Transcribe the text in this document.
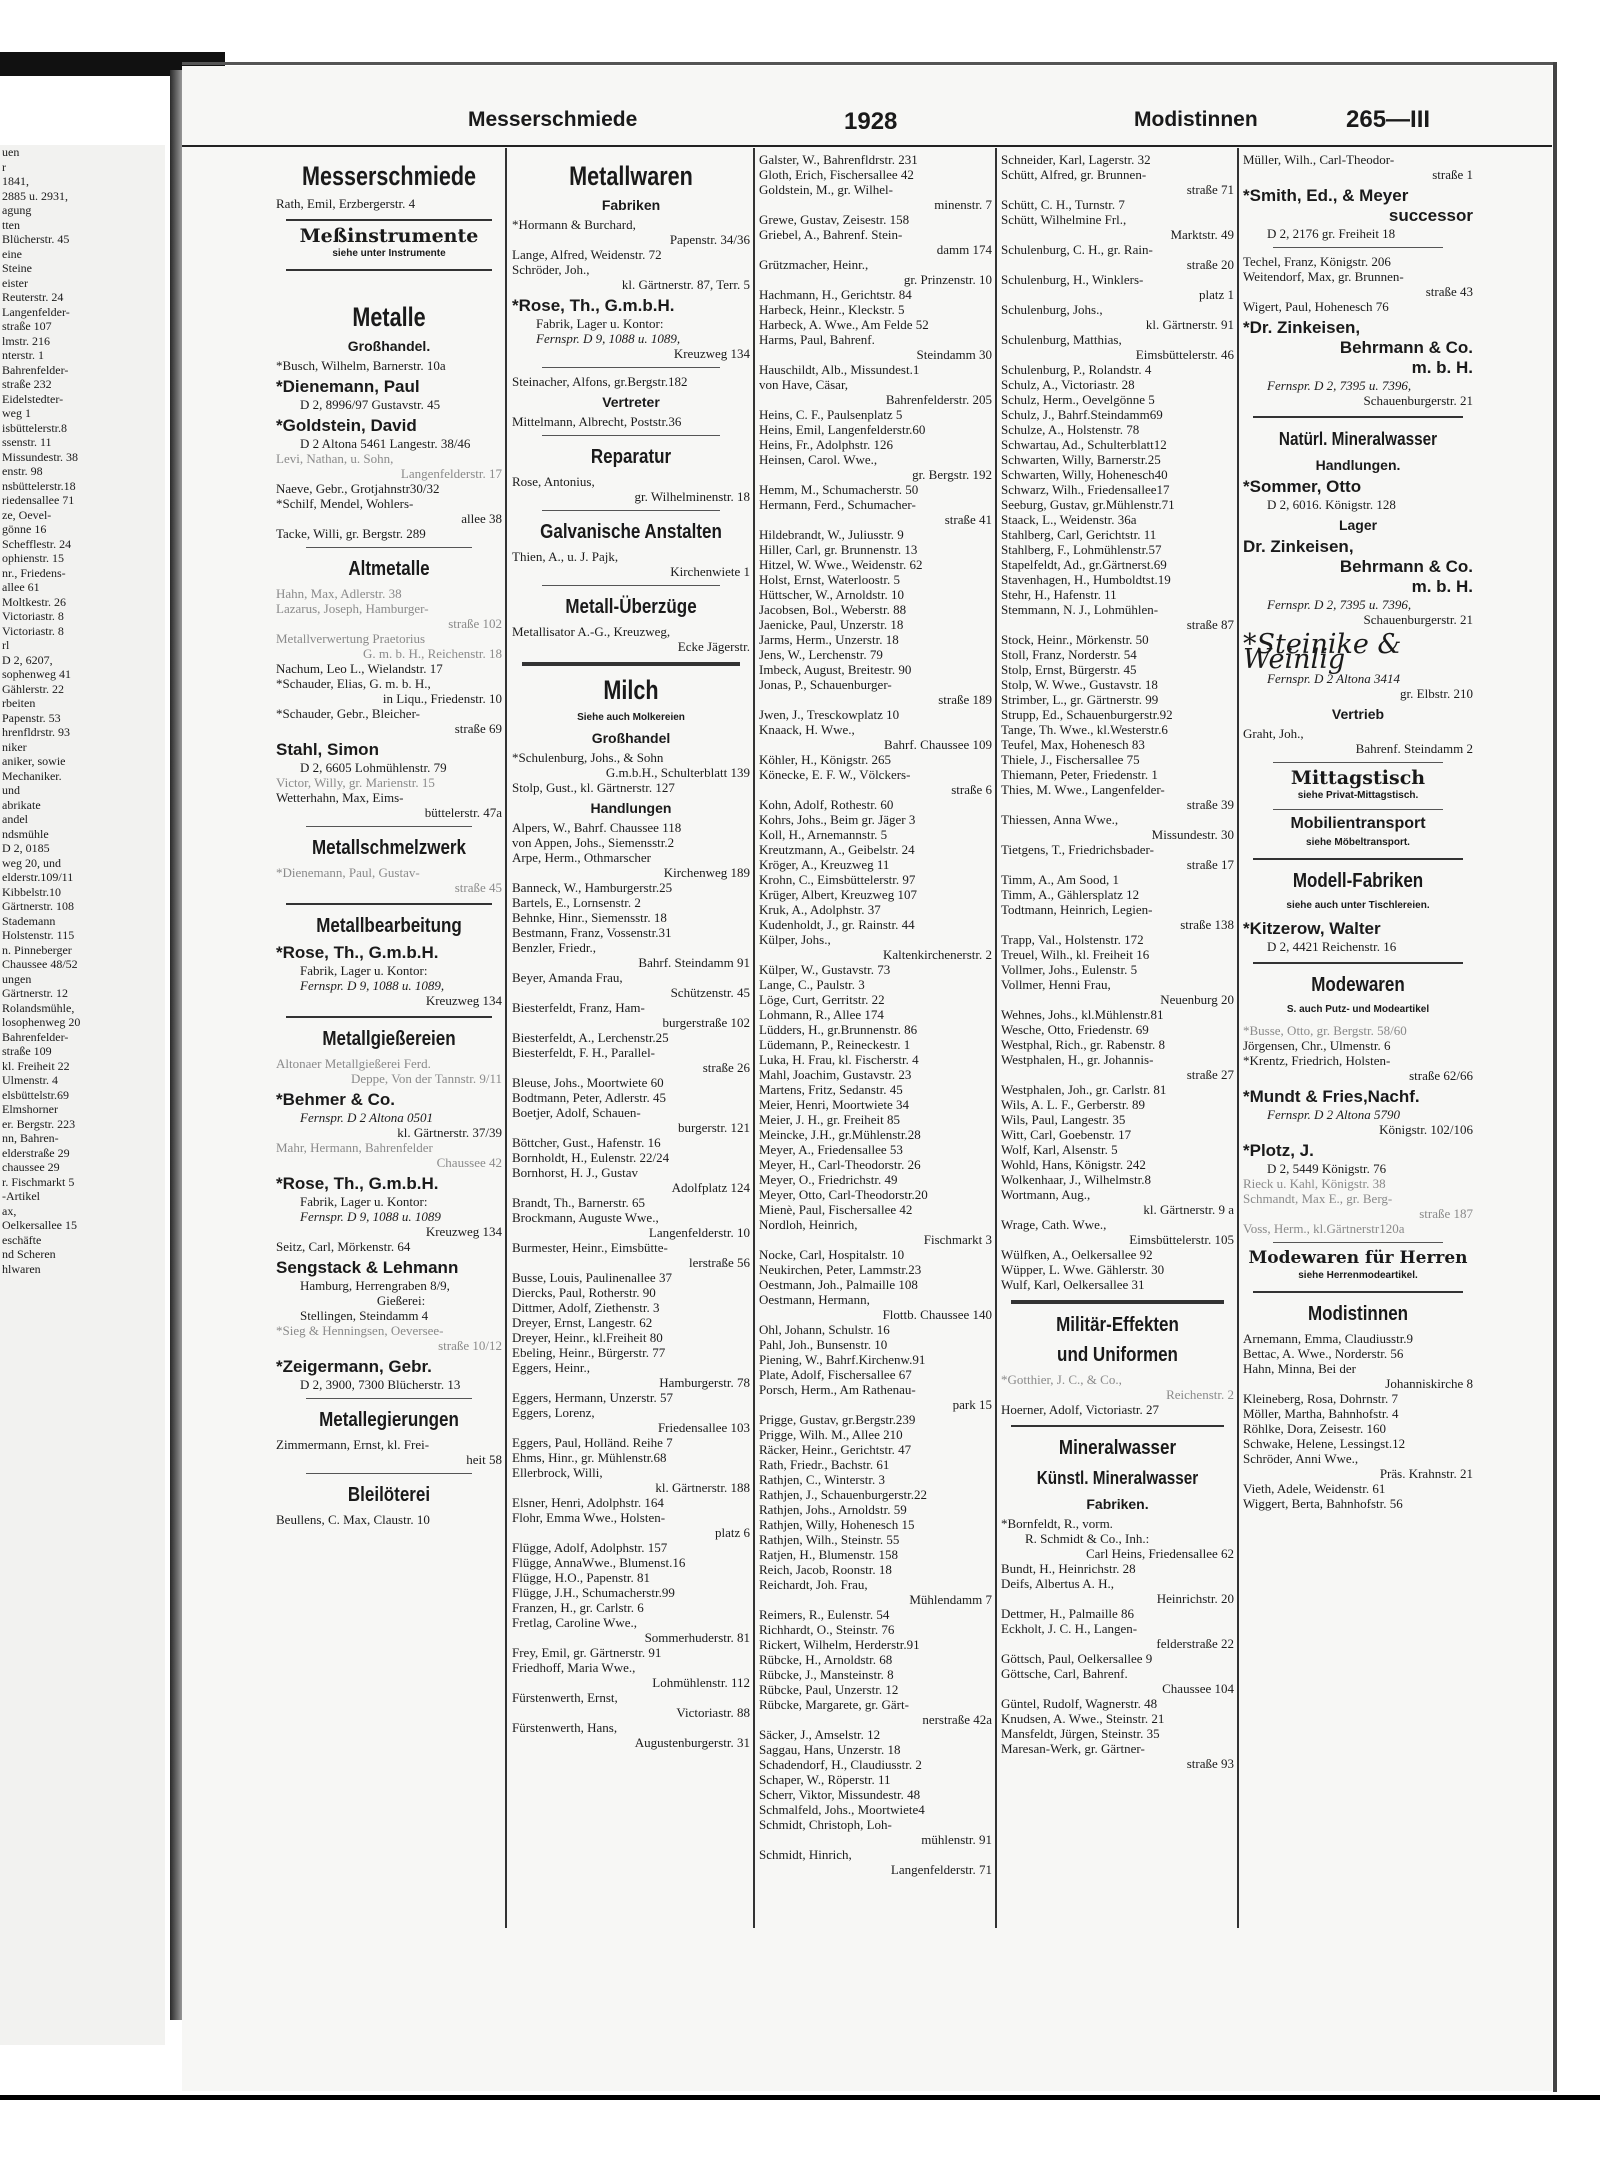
uen
r
1841,
2885 u. 2931,
agung
tten
Blücherstr. 45
eine
Steine
eister
Reuterstr. 24
Langenfelder-
straße 107
lmstr. 216
nterstr. 1
Bahrenfelder-
straße 232
Eidelstedter-
weg 1
isbüttelerstr.8
ssenstr. 11
Missundestr. 38
enstr. 98
nsbüttelerstr.18
riedensallee 71
ze, Oevel-
gönne 16
Schefflestr. 24
ophienstr. 15
nr., Friedens-
allee 61
Moltkestr. 26
Victoriastr. 8
Victoriastr. 8
rl
D 2, 6207,
sophenweg 41
Gählerstr. 22
rbeiten
Papenstr. 53
hrenfldrstr. 93
niker
aniker, sowie
Mechaniker.
und
abrikate
andel
ndsmühle
D 2, 0185
weg 20, und
elderstr.109/11
Kibbelstr.10
Gärtnerstr. 108
Stademann
Holstenstr. 115
n. Pinneberger
Chaussee 48/52
ungen
Gärtnerstr. 12
Rolandsmühle,
losophenweg 20
Bahrenfelder-
straße 109
kl. Freiheit 22
Ulmenstr. 4
elsbüttelstr.69
Elmshorner
er. Bergstr. 223
nn, Bahren-
elderstraße 29
chaussee 29
r. Fischmarkt 5
-Artikel
ax,
Oelkersallee 15
eschäfte
nd Scheren
hlwaren
Messerschmiede	1928	Modistinnen	265—III
Messerschmiede

Rath, Emil, Erzbergerstr. 4

Meßinstrumente
siehe unter Instrumente
Metalle
Großhandel.

*Busch, Wilhelm, Barnerstr. 10a

*Dienemann, Paul

D 2, 8996/97 Gustavstr. 45

*Goldstein, David

D 2 Altona 5461 Langestr. 38/46

Levi, Nathan, u. Sohn,
Langenfelderstr. 17

Naeve, Gebr., Grotjahnstr30/32

*Schilf, Mendel, Wohlers-
allee 38

Tacke, Willi, gr. Bergstr. 289

Altmetalle

Hahn, Max, Adlerstr. 38

Lazarus, Joseph, Hamburger-
straße 102

Metallverwertung Praetorius
G. m. b. H., Reichenstr. 18

Nachum, Leo L., Wielandstr. 17

*Schauder, Elias, G. m. b. H.,
in Liqu., Friedenstr. 10

*Schauder, Gebr., Bleicher-
straße 69

Stahl, Simon

D 2, 6605 Lohmühlenstr. 79

Victor, Willy, gr. Marienstr. 15

Wetterhahn, Max, Eims-
büttelerstr. 47a

Metallschmelzwerk

*Dienemann, Paul, Gustav-
straße 45

Metallbearbeitung
*Rose, Th., G.m.b.H.

Fabrik, Lager u. Kontor:

Fernspr. D 9, 1088 u. 1089,

Kreuzweg 134

Metallgießereien

Altonaer Metallgießerei Ferd.
Deppe, Von der Tannstr. 9/11

*Behmer & Co.

Fernspr. D 2 Altona 0501

kl. Gärtnerstr. 37/39

Mahr, Hermann, Bahrenfelder
Chaussee 42

*Rose, Th., G.m.b.H.

Fabrik, Lager u. Kontor:

Fernspr. D 9, 1088 u. 1089

Kreuzweg 134

Seitz, Carl, Mörkenstr. 64

Sengstack & Lehmann

Hamburg, Herrengraben 8/9,

Gießerei:

Stellingen, Steindamm 4

*Sieg & Henningsen, Oeversee-
straße 10/12

*Zeigermann, Gebr.

D 2, 3900, 7300 Blücherstr. 13

Metallegierungen

Zimmermann, Ernst, kl. Frei-
heit 58

Bleilöterei

Beullens, C. Max, Claustr. 10

Metallwaren
Fabriken

*Hormann & Burchard,
Papenstr. 34/36

Lange, Alfred, Weidenstr. 72

Schröder, Joh.,
kl. Gärtnerstr. 87, Terr. 5

*Rose, Th., G.m.b.H.

Fabrik, Lager u. Kontor:

Fernspr. D 9, 1088 u. 1089,

Kreuzweg 134

Steinacher, Alfons, gr.Bergstr.182

Vertreter

Mittelmann, Albrecht, Poststr.36

Reparatur

Rose, Antonius,
gr. Wilhelminenstr. 18

Galvanische Anstalten

Thien, A., u. J. Pajk,
Kirchenwiete 1

Metall-Überzüge

Metallisator A.-G., Kreuzweg,
Ecke Jägerstr.

Milch
Siehe auch Molkereien
Großhandel

*Schulenburg, Johs., & Sohn
G.m.b.H., Schulterblatt 139

Stolp, Gust., kl. Gärtnerstr. 127

Handlungen

Alpers, W., Bahrf. Chaussee 118

von Appen, Johs., Siemensstr.2

Arpe, Herm., Othmarscher
Kirchenweg 189

Banneck, W., Hamburgerstr.25

Bartels, E., Lornsenstr. 2

Behnke, Hinr., Siemensstr. 18

Bestmann, Franz, Vossenstr.31

Benzler, Friedr.,
Bahrf. Steindamm 91

Beyer, Amanda Frau,
Schützenstr. 45

Biesterfeldt, Franz, Ham-
burgerstraße 102

Biesterfeldt, A., Lerchenstr.25

Biesterfeldt, F. H., Parallel-
straße 26

Bleuse, Johs., Moortwiete 60

Bodtmann, Peter, Adlerstr. 45

Boetjer, Adolf, Schauen-
burgerstr. 121

Böttcher, Gust., Hafenstr. 16

Bornholdt, H., Eulenstr. 22/24

Bornhorst, H. J., Gustav
Adolfplatz 124

Brandt, Th., Barnerstr. 65

Brockmann, Auguste Wwe.,
Langenfelderstr. 10

Burmester, Heinr., Eimsbütte-
lerstraße 56

Busse, Louis, Paulinenallee 37

Diercks, Paul, Rotherstr. 90

Dittmer, Adolf, Ziethenstr. 3

Dreyer, Ernst, Langestr. 62

Dreyer, Heinr., kl.Freiheit 80

Ebeling, Heinr., Bürgerstr. 77

Eggers, Heinr.,
Hamburgerstr. 78

Eggers, Hermann, Unzerstr. 57

Eggers, Lorenz,
Friedensallee 103

Eggers, Paul, Holländ. Reihe 7

Ehms, Hinr., gr. Mühlenstr.68

Ellerbrock, Willi,
kl. Gärtnerstr. 188

Elsner, Henri, Adolphstr. 164

Flohr, Emma Wwe., Holsten-
platz 6

Flügge, Adolf, Adolphstr. 157

Flügge, AnnaWwe., Blumenst.16

Flügge, H.O., Papenstr. 81

Flügge, J.H., Schumacherstr.99

Franzen, H., gr. Carlstr. 6

Fretlag, Caroline Wwe.,
Sommerhuderstr. 81

Frey, Emil, gr. Gärtnerstr. 91

Friedhoff, Maria Wwe.,
Lohmühlenstr. 112

Fürstenwerth, Ernst,
Victoriastr. 88

Fürstenwerth, Hans,
Augustenburgerstr. 31

Galster, W., Bahrenfldrstr. 231

Gloth, Erich, Fischersallee 42

Goldstein, M., gr. Wilhel-
minenstr. 7

Grewe, Gustav, Zeisestr. 158

Griebel, A., Bahrenf. Stein-
damm 174

Grützmacher, Heinr.,
gr. Prinzenstr. 10

Hachmann, H., Gerichtstr. 84

Harbeck, Heinr., Kleckstr. 5

Harbeck, A. Wwe., Am Felde 52

Harms, Paul, Bahrenf.
Steindamm 30

Hauschildt, Alb., Missundest.1

von Have, Cäsar,
Bahrenfelderstr. 205

Heins, C. F., Paulsenplatz 5

Heins, Emil, Langenfelderstr.60

Heins, Fr., Adolphstr. 126

Heinsen, Carol. Wwe.,
gr. Bergstr. 192

Hemm, M., Schumacherstr. 50

Hermann, Ferd., Schumacher-
straße 41

Hildebrandt, W., Juliusstr. 9

Hiller, Carl, gr. Brunnenstr. 13

Hitzel, W. Wwe., Weidenstr. 62

Holst, Ernst, Waterloostr. 5

Hüttscher, W., Arnoldstr. 10

Jacobsen, Bol., Weberstr. 88

Jaenicke, Paul, Unzerstr. 18

Jarms, Herm., Unzerstr. 18

Jens, W., Lerchenstr. 79

Imbeck, August, Breitestr. 90

Jonas, P., Schauenburger-
straße 189

Jwen, J., Tresckowplatz 10

Knaack, H. Wwe.,
Bahrf. Chaussee 109

Köhler, H., Königstr. 265

Könecke, E. F. W., Völckers-
straße 6

Kohn, Adolf, Rothestr. 60

Kohrs, Johs., Beim gr. Jäger 3

Koll, H., Arnemannstr. 5

Kreutzmann, A., Geibelstr. 24

Kröger, A., Kreuzweg 11

Krohn, C., Eimsbüttelerstr. 97

Krüger, Albert, Kreuzweg 107

Kruk, A., Adolphstr. 37

Kudenholdt, J., gr. Rainstr. 44

Külper, Johs.,
Kaltenkirchenerstr. 2

Külper, W., Gustavstr. 73

Lange, C., Paulstr. 3

Löge, Curt, Gerritstr. 22

Lohmann, R., Allee 174

Lüdders, H., gr.Brunnenstr. 86

Lüdemann, P., Reineckestr. 1

Luka, H. Frau, kl. Fischerstr. 4

Mahl, Joachim, Gustavstr. 23

Martens, Fritz, Sedanstr. 45

Meier, Henri, Moortwiete 34

Meier, J. H., gr. Freiheit 85

Meincke, J.H., gr.Mühlenstr.28

Meyer, A., Friedensallee 53

Meyer, H., Carl-Theodorstr. 26

Meyer, O., Friedrichstr. 49

Meyer, Otto, Carl-Theodorstr.20

Mienè, Paul, Fischersallee 42

Nordloh, Heinrich,
Fischmarkt 3

Nocke, Carl, Hospitalstr. 10

Neukirchen, Peter, Lammstr.23

Oestmann, Joh., Palmaille 108

Oestmann, Hermann,
Flottb. Chaussee 140

Ohl, Johann, Schulstr. 16

Pahl, Joh., Bunsenstr. 10

Piening, W., Bahrf.Kirchenw.91

Plate, Adolf, Fischersallee 67

Porsch, Herm., Am Rathenau-
park 15

Prigge, Gustav, gr.Bergstr.239

Prigge, Wilh. M., Allee 210

Räcker, Heinr., Gerichtstr. 47

Rath, Friedr., Bachstr. 61

Rathjen, C., Winterstr. 3

Rathjen, J., Schauenburgerstr.22

Rathjen, Johs., Arnoldstr. 59

Rathjen, Willy, Hohenesch 15

Rathjen, Wilh., Steinstr. 55

Ratjen, H., Blumenstr. 158

Reich, Jacob, Roonstr. 18

Reichardt, Joh. Frau,
Mühlendamm 7

Reimers, R., Eulenstr. 54

Richhardt, O., Steinstr. 76

Rickert, Wilhelm, Herderstr.91

Rübcke, H., Arnoldstr. 68

Rübcke, J., Mansteinstr. 8

Rübcke, Paul, Unzerstr. 12

Rübcke, Margarete, gr. Gärt-
nerstraße 42a

Säcker, J., Amselstr. 12

Saggau, Hans, Unzerstr. 18

Schadendorf, H., Claudiusstr. 2

Schaper, W., Röperstr. 11

Scherr, Viktor, Missundestr. 48

Schmalfeld, Johs., Moortwiete4

Schmidt, Christoph, Loh-
mühlenstr. 91

Schmidt, Hinrich,
Langenfelderstr. 71

Schneider, Karl, Lagerstr. 32

Schütt, Alfred, gr. Brunnen-
straße 71

Schütt, C. H., Turnstr. 7

Schütt, Wilhelmine Frl.,
Marktstr. 49

Schulenburg, C. H., gr. Rain-
straße 20

Schulenburg, H., Winklers-
platz 1

Schulenburg, Johs.,
kl. Gärtnerstr. 91

Schulenburg, Matthias,
Eimsbüttelerstr. 46

Schulenburg, P., Rolandstr. 4

Schulz, A., Victoriastr. 28

Schulz, Herm., Oevelgönne 5

Schulz, J., Bahrf.Steindamm69

Schulze, A., Holstenstr. 78

Schwartau, Ad., Schulterblatt12

Schwarten, Willy, Barnerstr.25

Schwarten, Willy, Hohenesch40

Schwarz, Wilh., Friedensallee17

Seeburg, Gustav, gr.Mühlenstr.71

Staack, L., Weidenstr. 36a

Stahlberg, Carl, Gerichtstr. 11

Stahlberg, F., Lohmühlenstr.57

Stapelfeldt, Ad., gr.Gärtnerst.69

Stavenhagen, H., Humboldtst.19

Stehr, H., Hafenstr. 11

Stemmann, N. J., Lohmühlen-
straße 87

Stock, Heinr., Mörkenstr. 50

Stoll, Franz, Norderstr. 54

Stolp, Ernst, Bürgerstr. 45

Stolp, W. Wwe., Gustavstr. 18

Strimber, L., gr. Gärtnerstr. 99

Strupp, Ed., Schauenburgerstr.92

Tange, Th. Wwe., kl.Westerstr.6

Teufel, Max, Hohenesch 83

Thiele, J., Fischersallee 75

Thiemann, Peter, Friedenstr. 1

Thies, M. Wwe., Langenfelder-
straße 39

Thiessen, Anna Wwe.,
Missundestr. 30

Tietgens, T., Friedrichsbader-
straße 17

Timm, A., Am Sood, 1

Timm, A., Gählersplatz 12

Todtmann, Heinrich, Legien-
straße 138

Trapp, Val., Holstenstr. 172

Treuel, Wilh., kl. Freiheit 16

Vollmer, Johs., Eulenstr. 5

Vollmer, Henni Frau,
Neuenburg 20

Wehnes, Johs., kl.Mühlenstr.81

Wesche, Otto, Friedenstr. 69

Westphal, Rich., gr. Rabenstr. 8

Westphalen, H., gr. Johannis-
straße 27

Westphalen, Joh., gr. Carlstr. 81

Wils, A. L. F., Gerberstr. 89

Wils, Paul, Langestr. 35

Witt, Carl, Goebenstr. 17

Wolf, Karl, Alsenstr. 5

Wohld, Hans, Königstr. 242

Wolkenhaar, J., Wilhelmstr.8

Wortmann, Aug.,
kl. Gärtnerstr. 9 a

Wrage, Cath. Wwe.,
Eimsbüttelerstr. 105

Wülfken, A., Oelkersallee 92

Wüpper, L. Wwe. Gählerstr. 30

Wulf, Karl, Oelkersallee 31

Militär-Effekten
und Uniformen

*Gotthier, J. C., & Co.,
Reichenstr. 2

Hoerner, Adolf, Victoriastr. 27

Mineralwasser
Künstl. Mineralwasser
Fabriken.

*Bornfeldt, R., vorm.

R. Schmidt & Co., Inh.:

Carl Heins, Friedensallee 62

Bundt, H., Heinrichstr. 28

Deifs, Albertus A. H.,
Heinrichstr. 20

Dettmer, H., Palmaille 86

Eckholt, J. C. H., Langen-
felderstraße 22

Göttsch, Paul, Oelkersallee 9

Göttsche, Carl, Bahrenf.
Chaussee 104

Güntel, Rudolf, Wagnerstr. 48

Knudsen, A. Wwe., Steinstr. 21

Mansfeldt, Jürgen, Steinstr. 35

Maresan-Werk, gr. Gärtner-
straße 93

Müller, Wilh., Carl-Theodor-
straße 1

*Smith, Ed., & Meyer
successor

D 2, 2176 gr. Freiheit 18

Techel, Franz, Königstr. 206

Weitendorf, Max, gr. Brunnen-
straße 43

Wigert, Paul, Hohenesch 76

*Dr. Zinkeisen,
Behrmann & Co.
m. b. H.

Fernspr. D 2, 7395 u. 7396,

Schauenburgerstr. 21

Natürl. Mineralwasser
Handlungen.
*Sommer, Otto

D 2, 6016. Königstr. 128

Lager
Dr. Zinkeisen,
Behrmann & Co.
m. b. H.

Fernspr. D 2, 7395 u. 7396,

Schauenburgerstr. 21

*Steinike & Weinlig

Fernspr. D 2 Altona 3414

gr. Elbstr. 210

Vertrieb

Graht, Joh.,
Bahrenf. Steindamm 2

Mittagstisch
siehe Privat-Mittagstisch.
Mobilientransport
siehe Möbeltransport.
Modell-Fabriken
siehe auch unter Tischlereien.
*Kitzerow, Walter

D 2, 4421 Reichenstr. 16

Modewaren
S. auch Putz- und Modeartikel

*Busse, Otto, gr. Bergstr. 58/60

Jörgensen, Chr., Ulmenstr. 6

*Krentz, Friedrich, Holsten-
straße 62/66

*Mundt & Fries,Nachf.

Fernspr. D 2 Altona 5790

Königstr. 102/106

*Plotz, J.

D 2, 5449 Königstr. 76

Rieck u. Kahl, Königstr. 38

Schmandt, Max E., gr. Berg-
straße 187

Voss, Herm., kl.Gärtnerstr120a

Modewaren für Herren
siehe Herrenmodeartikel.
Modistinnen

Arnemann, Emma, Claudiusstr.9

Bettac, A. Wwe., Norderstr. 56

Hahn, Minna, Bei der
Johanniskirche 8

Kleineberg, Rosa, Dohrnstr. 7

Möller, Martha, Bahnhofstr. 4

Röhlke, Dora, Zeisestr. 160

Schwake, Helene, Lessingst.12

Schröder, Anni Wwe.,
Präs. Krahnstr. 21

Vieth, Adele, Weidenstr. 61

Wiggert, Berta, Bahnhofstr. 56
